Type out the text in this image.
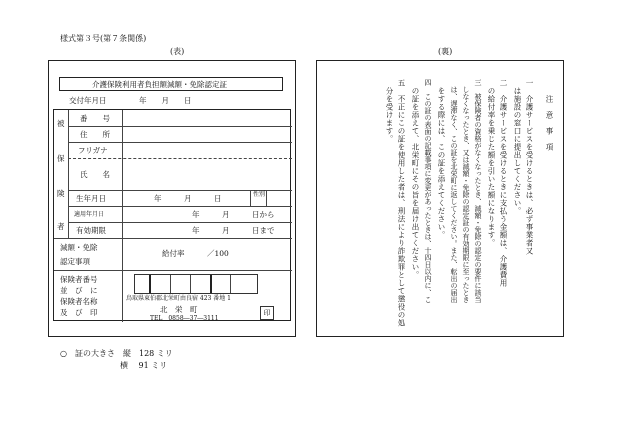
様式第３号(第７条関係)
(表)	(裏)
介護保険利用者負担額減額・免除認定証
交付年月日	年　　月　　日
被
保
険
者
番　　号
住　　所
フリガナ
氏　　名
生年月日	年　　　月　　　日	性別
適用年月日	年　　　月　　　日から
有効期限	年　　　月　　　日まで
減額・免除
認定事項
給付率　　　／100
保険者番号
並　び　に
保険者名称
及　び　印
鳥取県東伯郡北栄町由良宿 423 番地 1
北　栄　町
TEL　0858―37―3111
印
○　証の大きさ　縦　128 ミリ
横　 91 ミリ
注　意　事　項
一　介護サービスを受けるときは、必ず事業者又
　は施設の窓口に提出してください。
二　介護サービスを受けるときに支払う金額は、介護費用
　の給付率を乗じた額を引いた額になります。
三　被保険者の資格がなくなったとき、減額・免除の認定の要件に該当
　しなくなったとき、又は減額・免除の認定証の有効期限に至ったとき
　は、遅滞なく、この証を北栄町に返してください。また、転出の届出
　をする際には、この証を添えてください。
四　この証の表面の記載事項に変更があったときは、十四日以内に、こ
　の証を添えて、北栄町にその旨を届け出てください。
五　不正にこの証を使用した者は、刑法により詐欺罪として懲役の処
　分を受けます。
